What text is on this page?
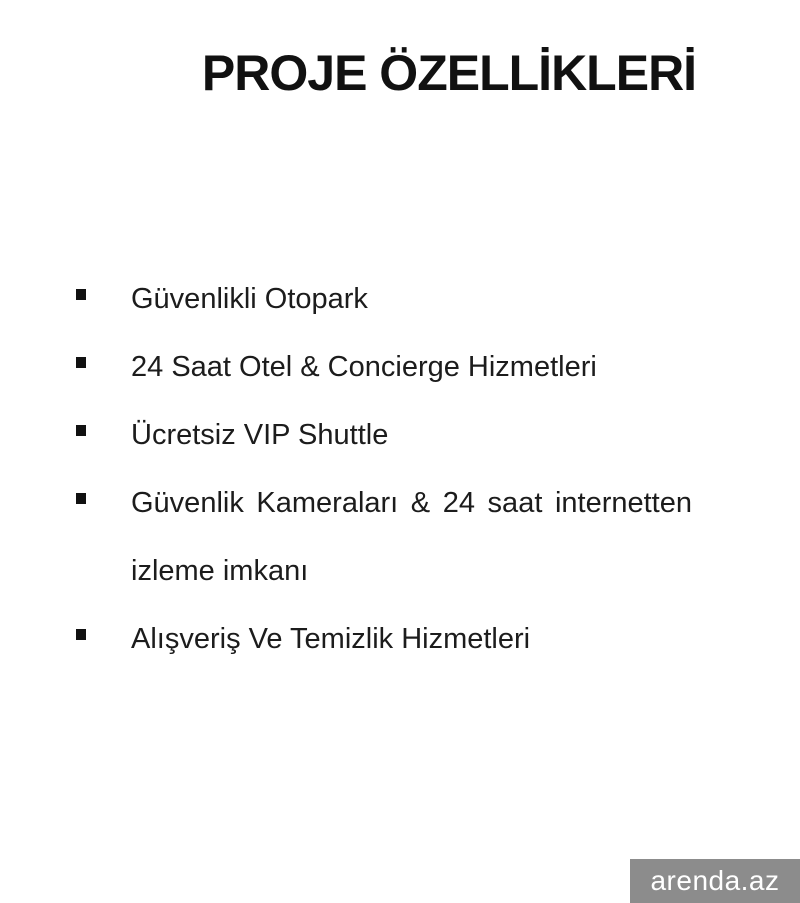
PROJE ÖZELLİKLERİ
Güvenlikli Otopark
24 Saat Otel & Concierge Hizmetleri
Ücretsiz VIP Shuttle
Güvenlik Kameraları & 24 saat internetten izleme imkanı
Alışveriş Ve Temizlik Hizmetleri
arenda.az
